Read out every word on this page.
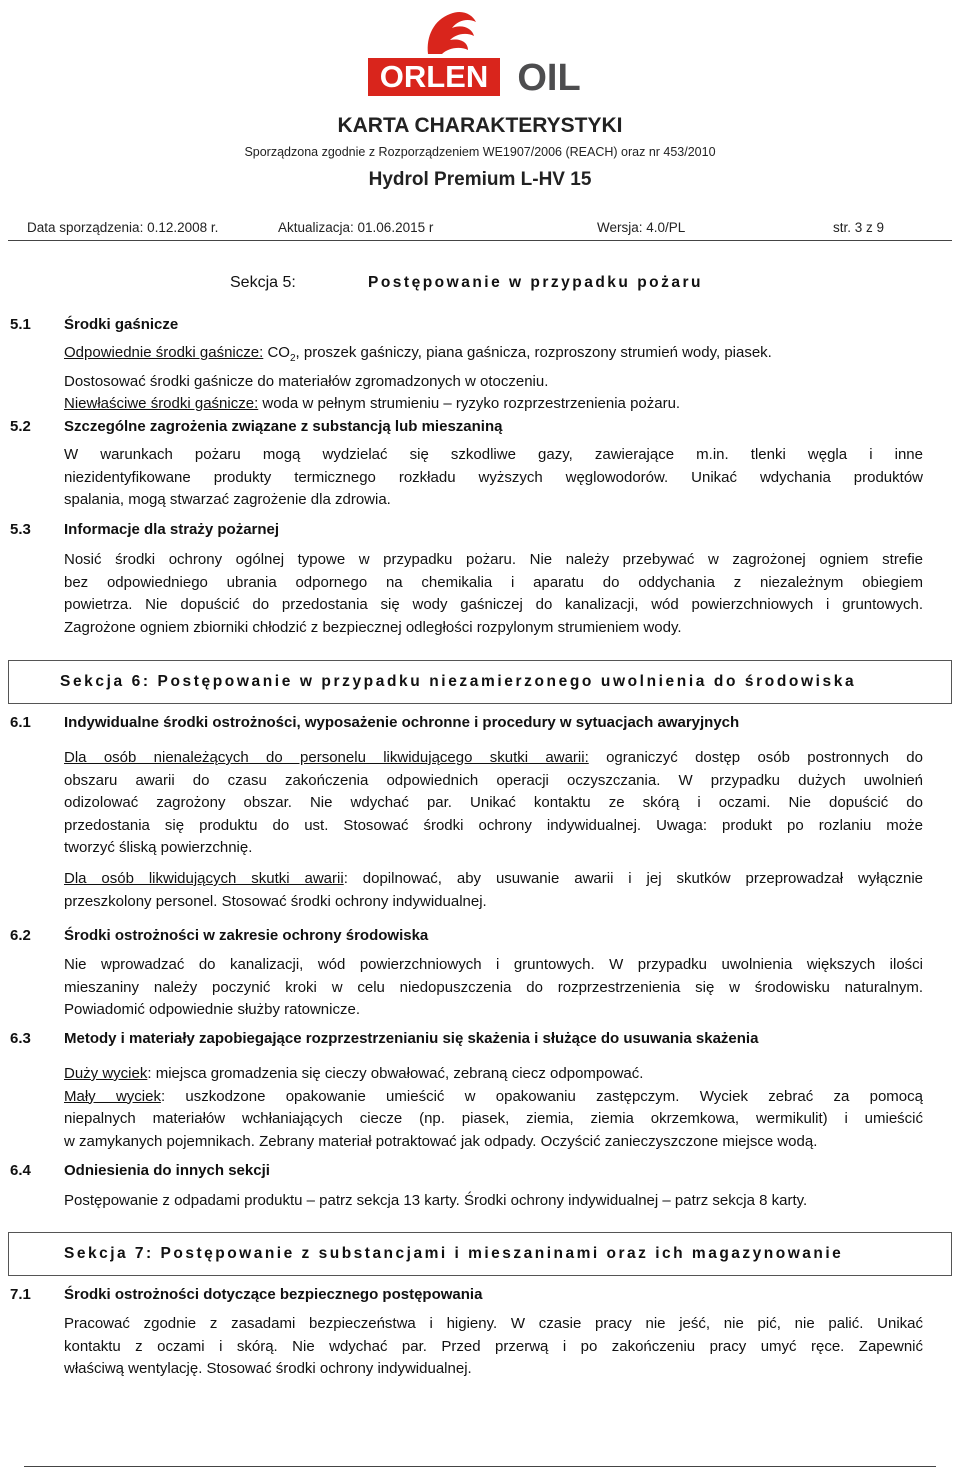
ORLEN OIL
KARTA CHARAKTERYSTYKI
Sporządzona zgodnie z Rozporządzeniem WE1907/2006 (REACH) oraz nr 453/2010
Hydrol Premium L-HV 15
Data sporządzenia: 0.12.2008 r.	Aktualizacja: 01.06.2015 r	Wersja: 4.0/PL	str. 3 z 9
Sekcja 5:	Postępowanie w przypadku pożaru
5.1 Środki gaśnicze
Odpowiednie środki gaśnicze: $CO_2$, proszek gaśniczy, piana gaśnicza, rozproszony strumień wody, piasek.
Dostosować środki gaśnicze do materiałów zgromadzonych w otoczeniu.
Niewłaściwe środki gaśnicze: woda w pełnym strumieniu – ryzyko rozprzestrzenienia pożaru.
5.2 Szczególne zagrożenia związane z substancją lub mieszaniną
W warunkach pożaru mogą wydzielać się szkodliwe gazy, zawierające m.in. tlenki węgla i inne
niezidentyfikowane produkty termicznego rozkładu wyższych węglowodorów. Unikać wdychania produktów
spalania, mogą stwarzać zagrożenie dla zdrowia.
5.3 Informacje dla straży pożarnej
Nosić środki ochrony ogólnej typowe w przypadku pożaru. Nie należy przebywać w zagrożonej ogniem strefie
bez odpowiedniego ubrania odpornego na chemikalia i aparatu do oddychania z niezależnym obiegiem
powietrza. Nie dopuścić do przedostania się wody gaśniczej do kanalizacji, wód powierzchniowych i gruntowych.
Zagrożone ogniem zbiorniki chłodzić z bezpiecznej odległości rozpylonym strumieniem wody.
Sekcja 6: Postępowanie w przypadku niezamierzonego uwolnienia do środowiska
6.1 Indywidualne środki ostrożności, wyposażenie ochronne i procedury w sytuacjach awaryjnych
Dla osób nienależących do personelu likwidującego skutki awarii: ograniczyć dostęp osób postronnych do
obszaru awarii do czasu zakończenia odpowiednich operacji oczyszczania. W przypadku dużych uwolnień
odizolować zagrożony obszar. Nie wdychać par. Unikać kontaktu ze skórą i oczami. Nie dopuścić do
przedostania się produktu do ust. Stosować środki ochrony indywidualnej. Uwaga: produkt po rozlaniu może
tworzyć śliską powierzchnię.
Dla osób likwidujących skutki awarii: dopilnować, aby usuwanie awarii i jej skutków przeprowadzał wyłącznie
przeszkolony personel. Stosować środki ochrony indywidualnej.
6.2 Środki ostrożności w zakresie ochrony środowiska
Nie wprowadzać do kanalizacji, wód powierzchniowych i gruntowych. W przypadku uwolnienia większych ilości
mieszaniny należy poczynić kroki w celu niedopuszczenia do rozprzestrzenienia się w środowisku naturalnym.
Powiadomić odpowiednie służby ratownicze.
6.3 Metody i materiały zapobiegające rozprzestrzenianiu się skażenia i służące do usuwania skażenia
Duży wyciek: miejsca gromadzenia się cieczy obwałować, zebraną ciecz odpompować.
Mały wyciek: uszkodzone opakowanie umieścić w opakowaniu zastępczym. Wyciek zebrać za pomocą
niepalnych materiałów wchłaniających ciecze (np. piasek, ziemia, ziemia okrzemkowa, wermikulit) i umieścić
w zamykanych pojemnikach. Zebrany materiał potraktować jak odpady. Oczyścić zanieczyszczone miejsce wodą.
6.4 Odniesienia do innych sekcji
Postępowanie z odpadami produktu – patrz sekcja 13 karty. Środki ochrony indywidualnej – patrz sekcja 8 karty.
Sekcja 7: Postępowanie z substancjami i mieszaninami oraz ich magazynowanie
7.1 Środki ostrożności dotyczące bezpiecznego postępowania
Pracować zgodnie z zasadami bezpieczeństwa i higieny. W czasie pracy nie jeść, nie pić, nie palić. Unikać
kontaktu z oczami i skórą. Nie wdychać par. Przed przerwą i po zakończeniu pracy umyć ręce. Zapewnić
właściwą wentylację. Stosować środki ochrony indywidualnej.
